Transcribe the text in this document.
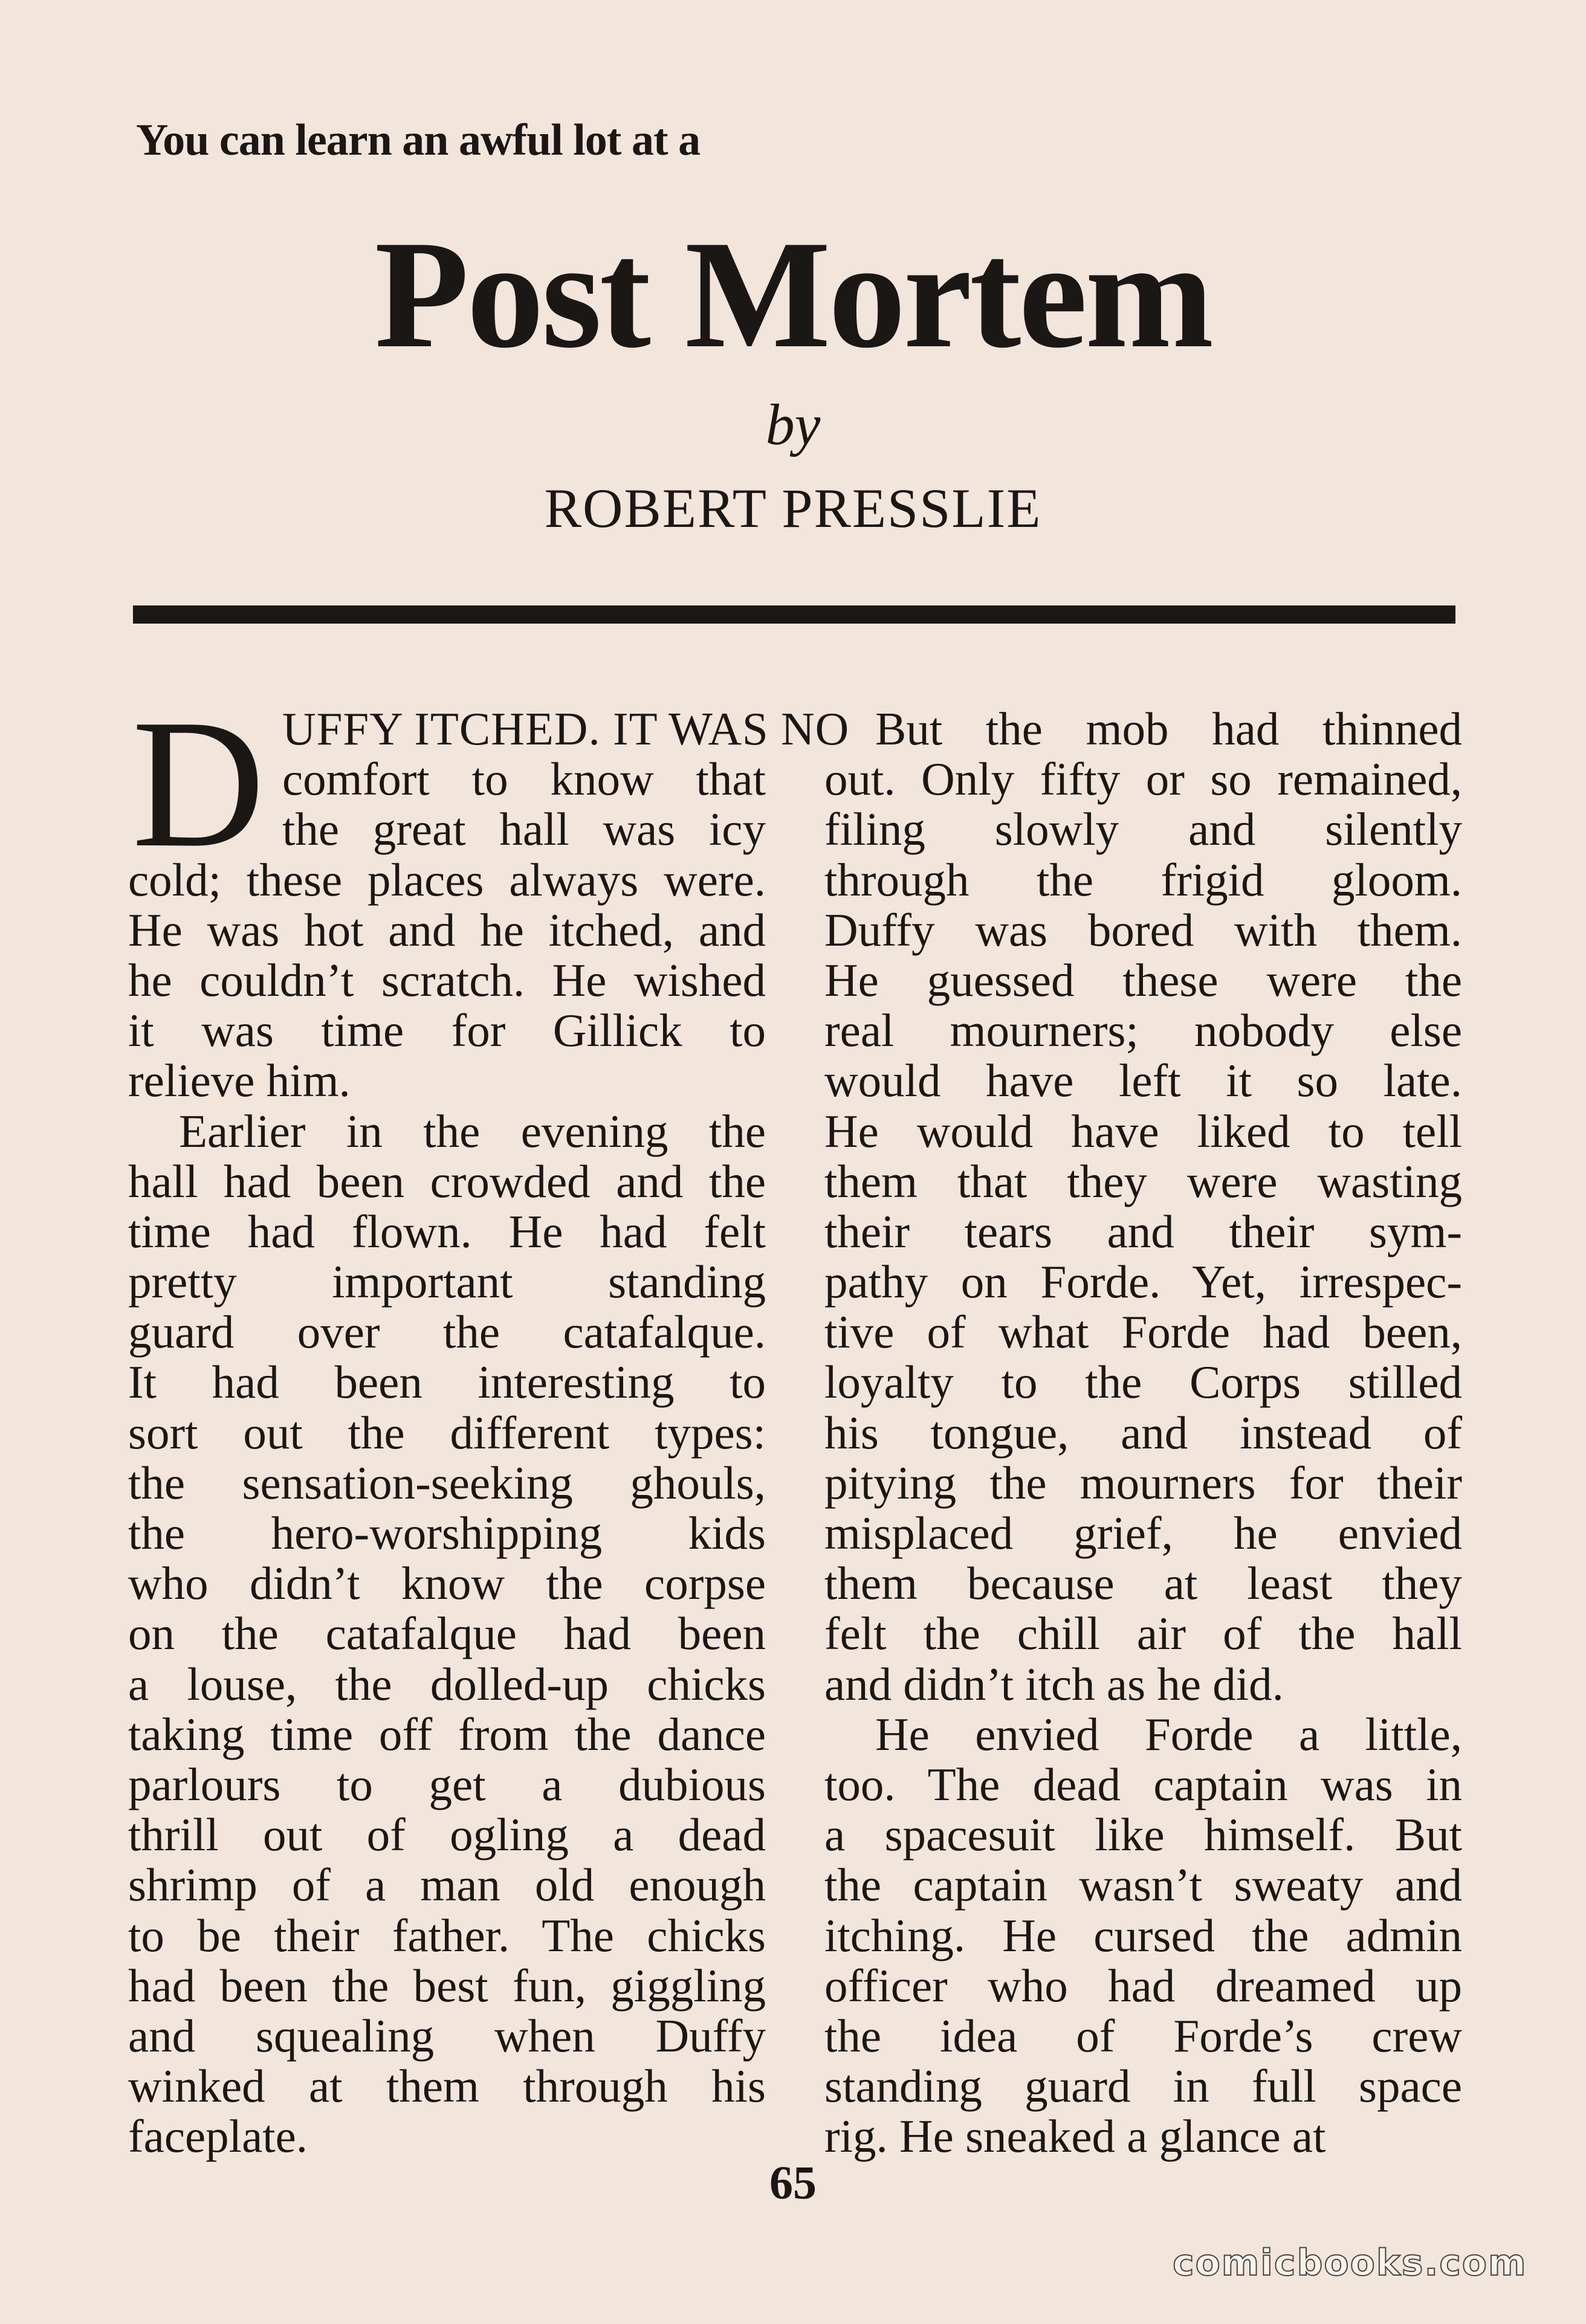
You can learn an awful lot at a
Post Mortem
by
ROBERT PRESSLIE
D UFFY ITCHED. IT WAS NO
comfort to know that
the great hall was icy
cold; these places always were.
He was hot and he itched, and
he couldn’t scratch. He wished
it was time for Gillick to
relieve him.
Earlier in the evening the
hall had been crowded and the
time had flown. He had felt
pretty important standing
guard over the catafalque.
It had been interesting to
sort out the different types:
the sensation-seeking ghouls,
the hero-worshipping kids
who didn’t know the corpse
on the catafalque had been
a louse, the dolled-up chicks
taking time off from the dance
parlours to get a dubious
thrill out of ogling a dead
shrimp of a man old enough
to be their father. The chicks
had been the best fun, giggling
and squealing when Duffy
winked at them through his
faceplate.
But the mob had thinned
out. Only fifty or so remained,
filing slowly and silently
through the frigid gloom.
Duffy was bored with them.
He guessed these were the
real mourners; nobody else
would have left it so late.
He would have liked to tell
them that they were wasting
their tears and their sym-
pathy on Forde. Yet, irrespec-
tive of what Forde had been,
loyalty to the Corps stilled
his tongue, and instead of
pitying the mourners for their
misplaced grief, he envied
them because at least they
felt the chill air of the hall
and didn’t itch as he did.
He envied Forde a little,
too. The dead captain was in
a spacesuit like himself. But
the captain wasn’t sweaty and
itching. He cursed the admin
officer who had dreamed up
the idea of Forde’s crew
standing guard in full space
rig. He sneaked a glance at
65
comicbooks.com
